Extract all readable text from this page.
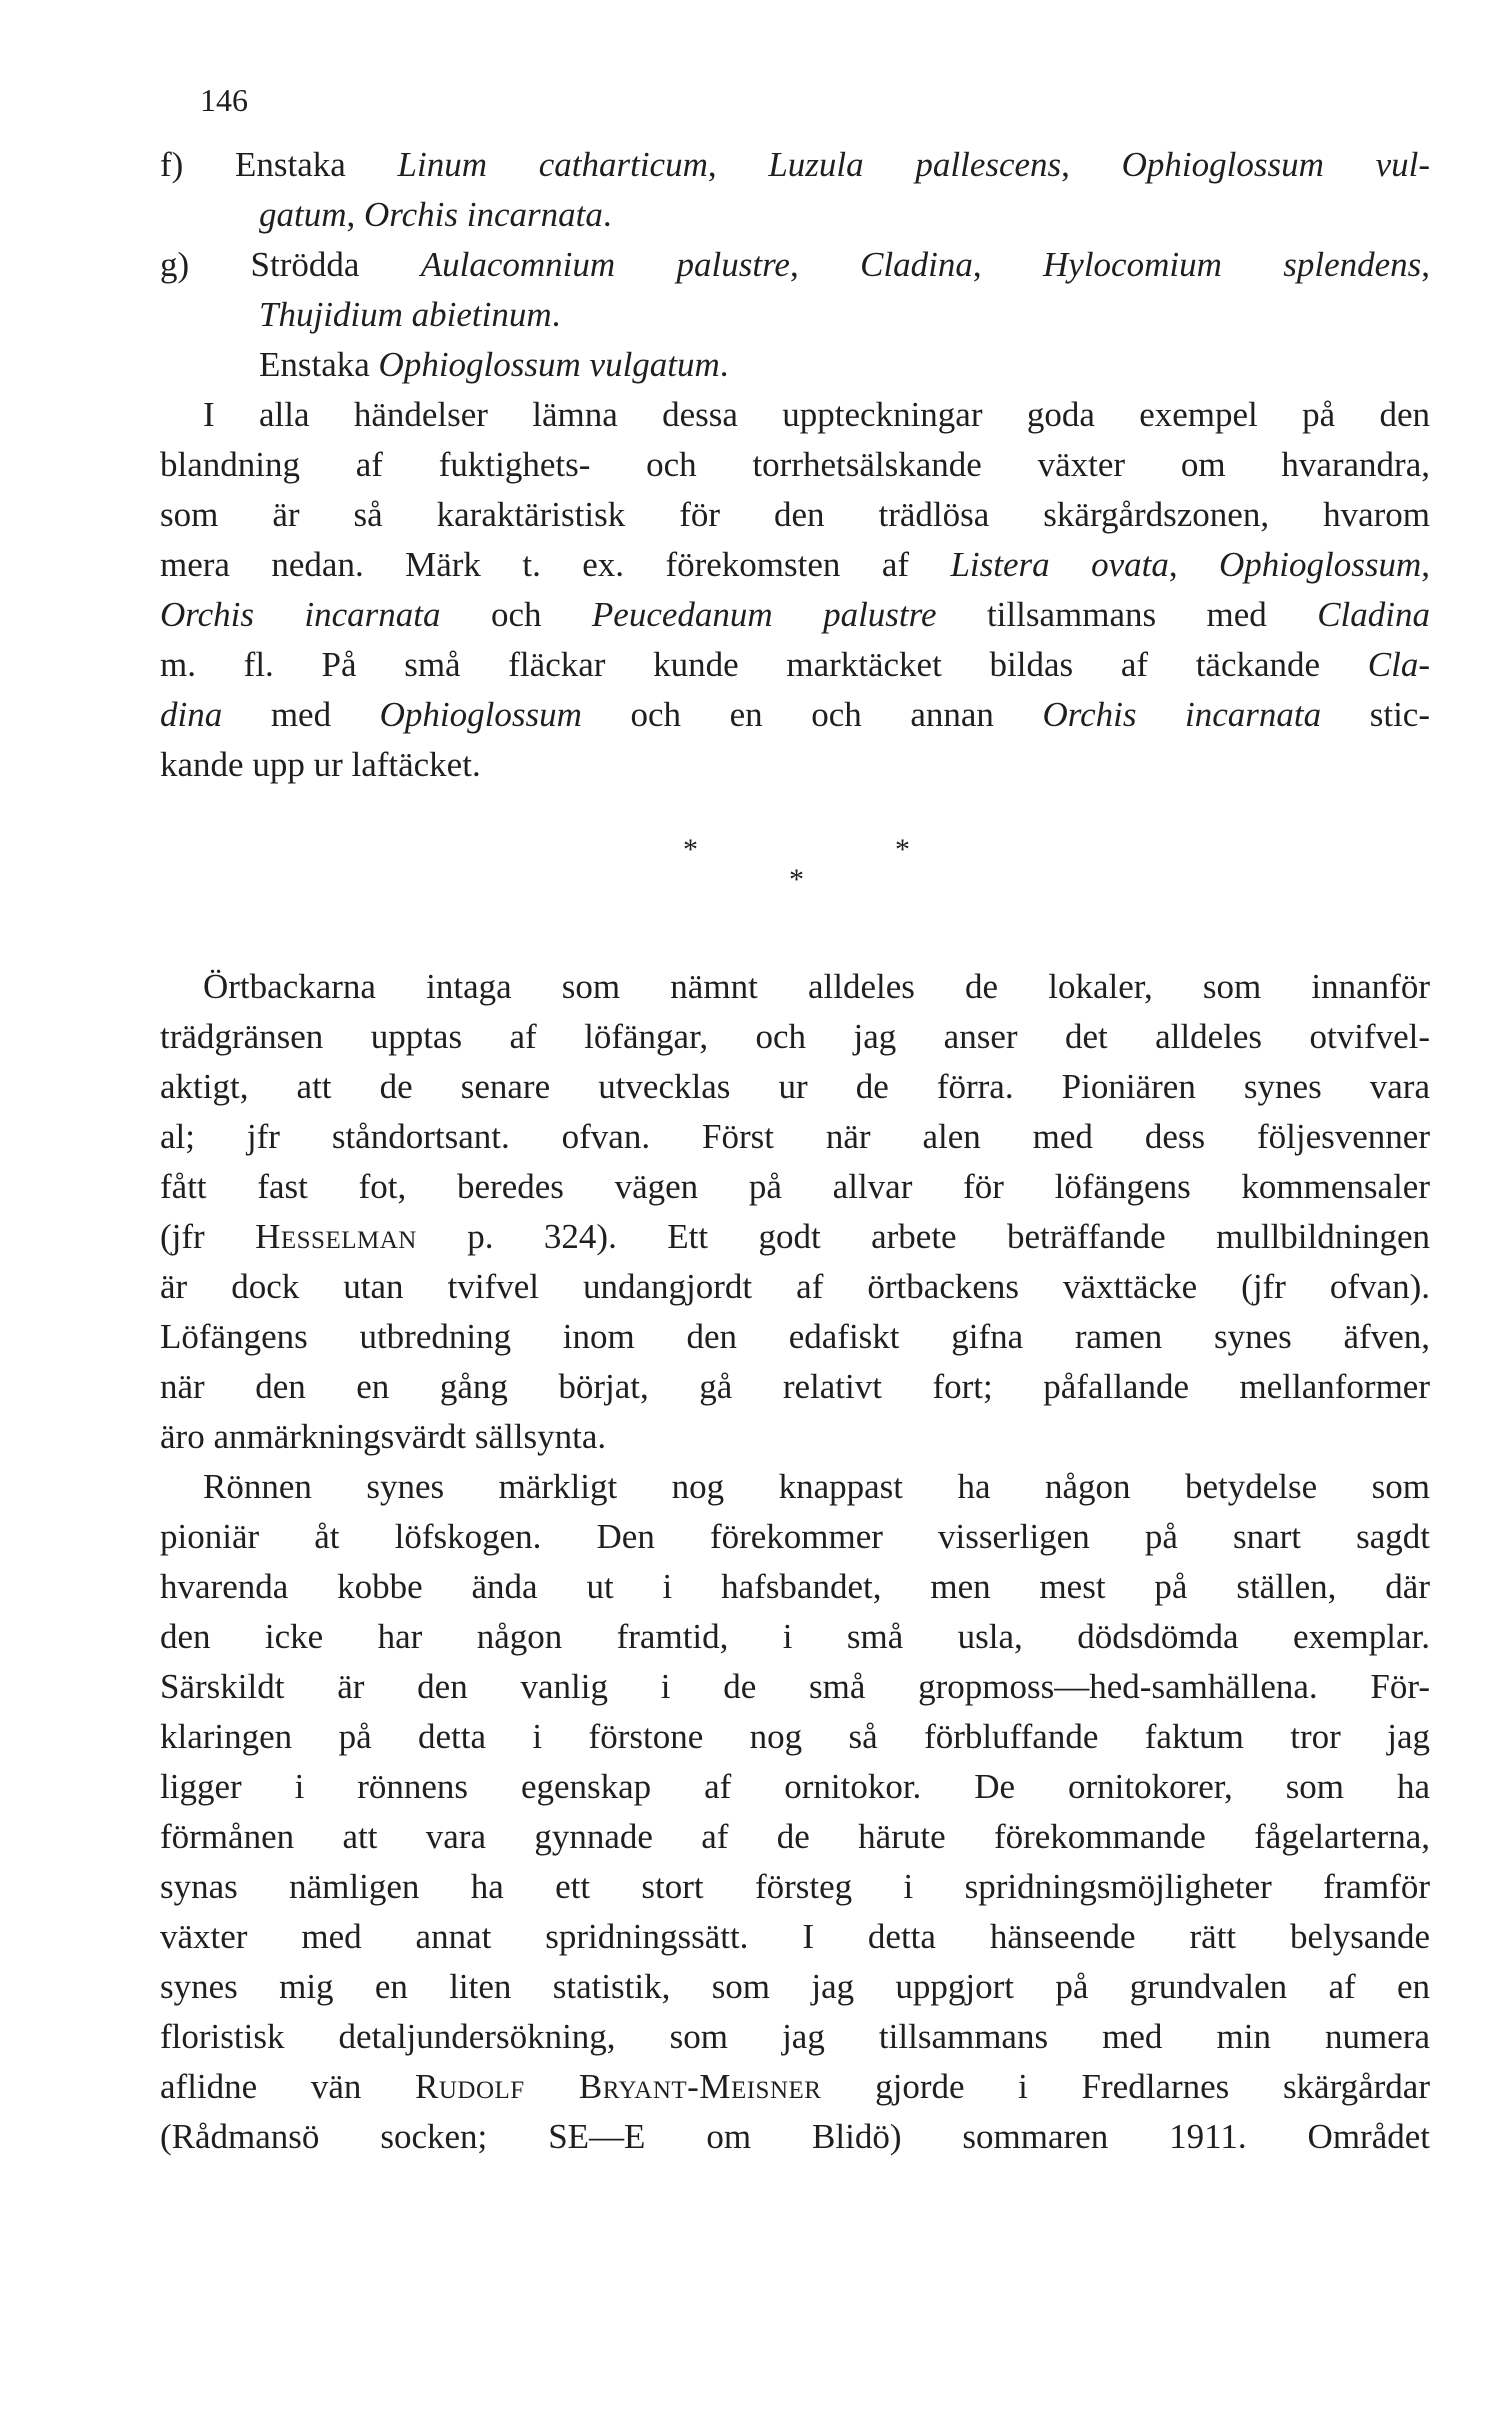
146
f) Enstaka Linum catharticum, Luzula pallescens, Ophioglossum vul-
gatum, Orchis incarnata.
g) Strödda Aulacomnium palustre, Cladina, Hylocomium splendens,
Thujidium abietinum.
Enstaka Ophioglossum vulgatum.
I alla händelser lämna dessa uppteckningar goda exempel på den
blandning af fuktighets- och torrhetsälskande växter om hvarandra,
som är så karaktäristisk för den trädlösa skärgårdszonen, hvarom
mera nedan. Märk t. ex. förekomsten af Listera ovata, Ophioglossum,
Orchis incarnata och Peucedanum palustre tillsammans med Cladina
m. fl. På små fläckar kunde marktäcket bildas af täckande Cla-
dina med Ophioglossum och en och annan Orchis incarnata stic-
kande upp ur laftäcket.
*	*
*
Örtbackarna intaga som nämnt alldeles de lokaler, som innanför
trädgränsen upptas af löfängar, och jag anser det alldeles otvifvel-
aktigt, att de senare utvecklas ur de förra. Pioniären synes vara
al; jfr ståndortsant. ofvan. Först när alen med dess följesvenner
fått fast fot, beredes vägen på allvar för löfängens kommensaler
(jfr Hesselman p. 324). Ett godt arbete beträffande mullbildningen
är dock utan tvifvel undangjordt af örtbackens växttäcke (jfr ofvan).
Löfängens utbredning inom den edafiskt gifna ramen synes äfven,
när den en gång börjat, gå relativt fort; påfallande mellanformer
äro anmärkningsvärdt sällsynta.
Rönnen synes märkligt nog knappast ha någon betydelse som
pioniär åt löfskogen. Den förekommer visserligen på snart sagdt
hvarenda kobbe ända ut i hafsbandet, men mest på ställen, där
den icke har någon framtid, i små usla, dödsdömda exemplar.
Särskildt är den vanlig i de små gropmoss—hed-samhällena. För-
klaringen på detta i förstone nog så förbluffande faktum tror jag
ligger i rönnens egenskap af ornitokor. De ornitokorer, som ha
förmånen att vara gynnade af de härute förekommande fågelarterna,
synas nämligen ha ett stort försteg i spridningsmöjligheter framför
växter med annat spridningssätt. I detta hänseende rätt belysande
synes mig en liten statistik, som jag uppgjort på grundvalen af en
floristisk detaljundersökning, som jag tillsammans med min numera
aflidne vän Rudolf Bryant-Meisner gjorde i Fredlarnes skärgårdar
(Rådmansö socken; SE—E om Blidö) sommaren 1911. Området
